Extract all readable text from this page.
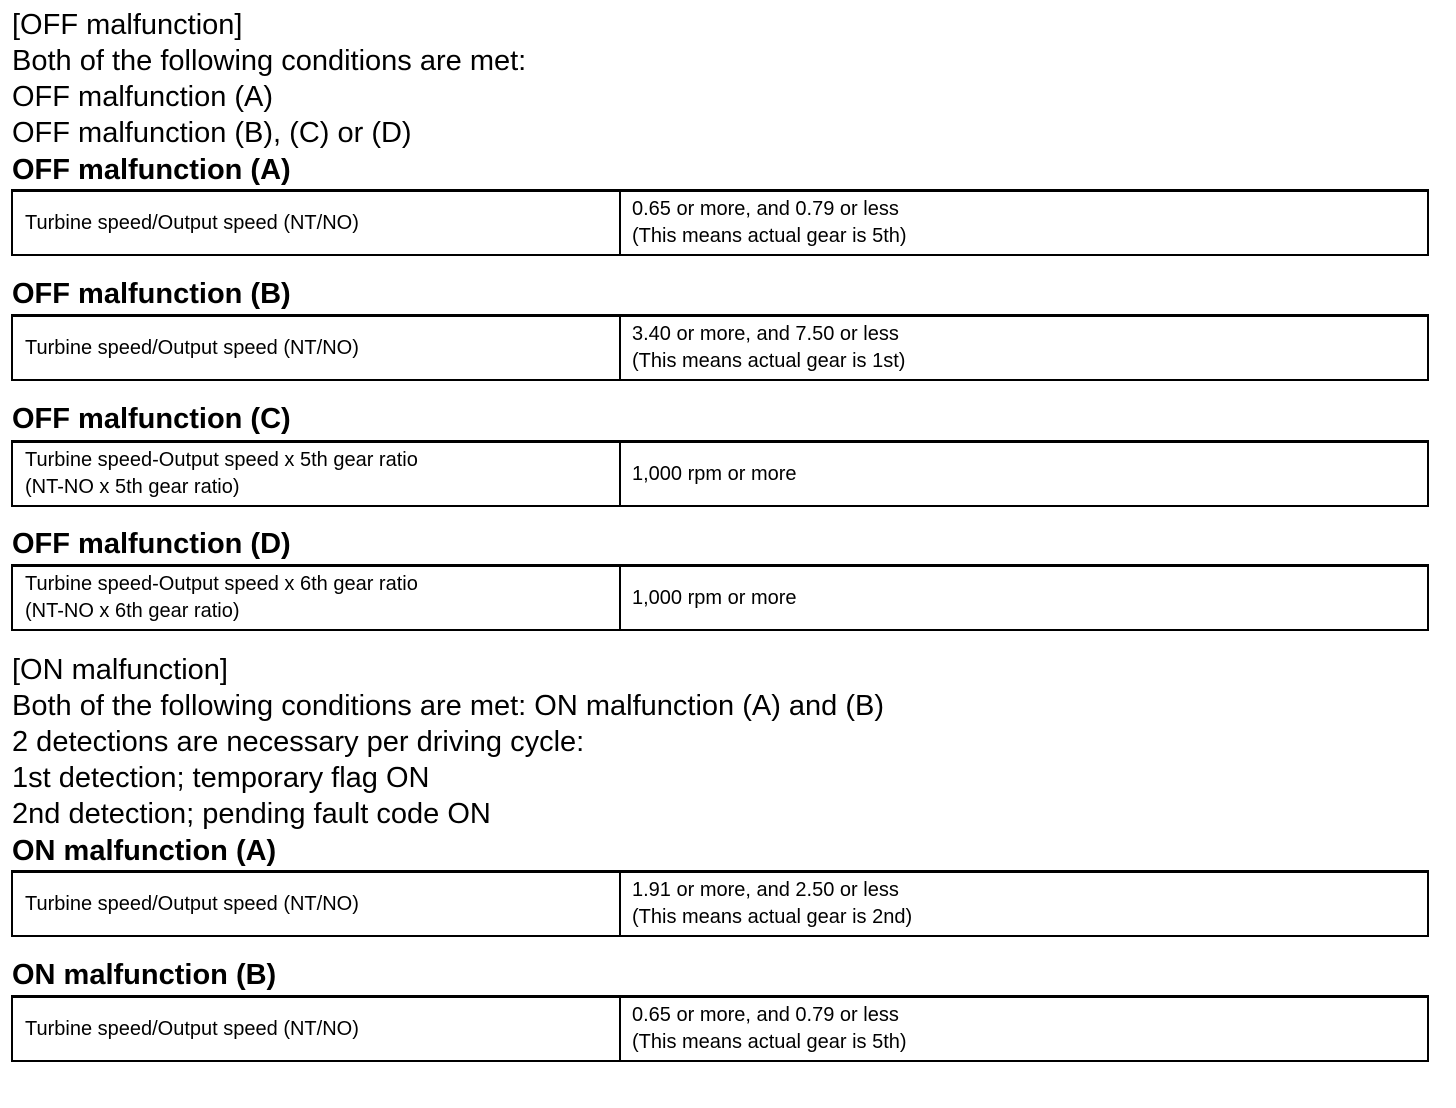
[OFF malfunction]
Both of the following conditions are met:
OFF malfunction (A)
OFF malfunction (B), (C) or (D)
OFF malfunction (A)
Turbine speed/Output speed (NT/NO)
0.65 or more, and 0.79 or less
(This means actual gear is 5th)
OFF malfunction (B)
Turbine speed/Output speed (NT/NO)
3.40 or more, and 7.50 or less
(This means actual gear is 1st)
OFF malfunction (C)
Turbine speed-Output speed x 5th gear ratio
(NT-NO x 5th gear ratio)
1,000 rpm or more
OFF malfunction (D)
Turbine speed-Output speed x 6th gear ratio
(NT-NO x 6th gear ratio)
1,000 rpm or more
[ON malfunction]
Both of the following conditions are met: ON malfunction (A) and (B)
2 detections are necessary per driving cycle:
1st detection; temporary flag ON
2nd detection; pending fault code ON
ON malfunction (A)
Turbine speed/Output speed (NT/NO)
1.91 or more, and 2.50 or less
(This means actual gear is 2nd)
ON malfunction (B)
Turbine speed/Output speed (NT/NO)
0.65 or more, and 0.79 or less
(This means actual gear is 5th)
